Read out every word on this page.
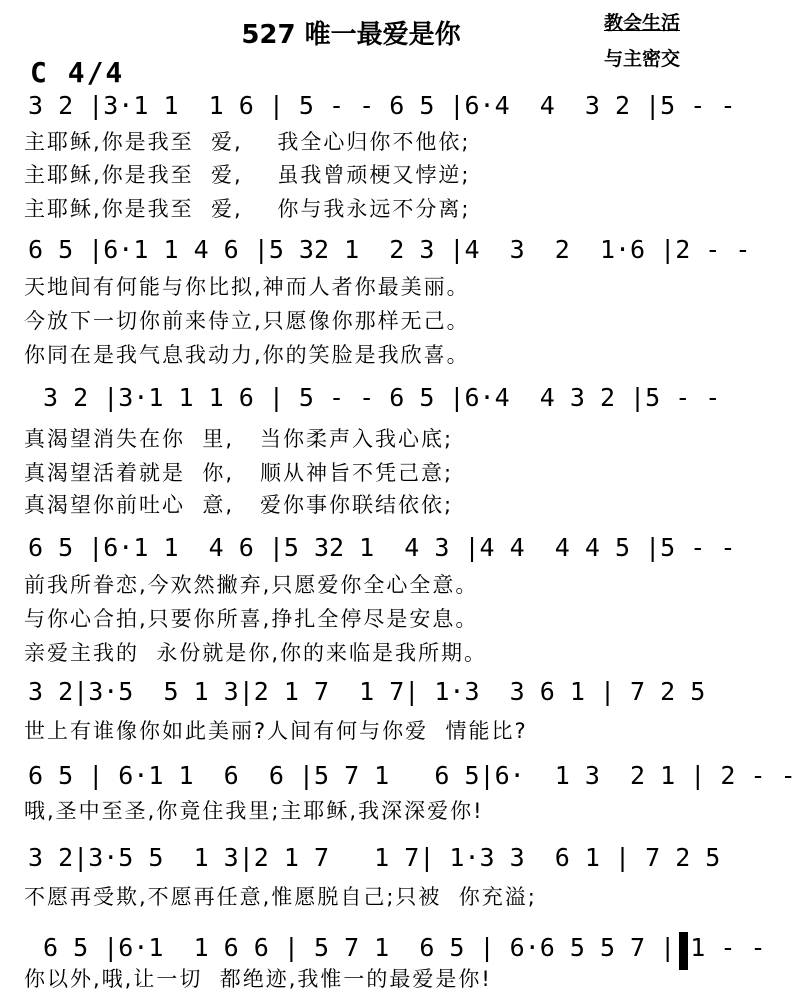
527 唯一最爱是你	教会生活
与主密交
C 4/4
3 2 |3·1 1  1 6 | 5 - - 6 5 |6·4  4  3 2 |5 - -
主耶稣,你是我至  爱,    我全心归你不他依;
主耶稣,你是我至  爱,    虽我曾顽梗又悖逆;
主耶稣,你是我至  爱,    你与我永远不分离;
6 5 |6·1 1 4 6 |5 32 1  2 3 |4  3  2  1·6 |2 - -
天地间有何能与你比拟,神而人者你最美丽。
今放下一切你前来侍立,只愿像你那样无己。
你同在是我气息我动力,你的笑脸是我欣喜。
3 2 |3·1 1 1 6 | 5 - - 6 5 |6·4  4 3 2 |5 - -
真渴望消失在你  里,   当你柔声入我心底;
真渴望活着就是  你,   顺从神旨不凭己意;
真渴望你前吐心  意,   爱你事你联结依依;
6 5 |6·1 1  4 6 |5 32 1  4 3 |4 4  4 4 5 |5 - -
前我所眷恋,今欢然撇弃,只愿爱你全心全意。
与你心合拍,只要你所喜,挣扎全停尽是安息。
亲爱主我的  永份就是你,你的来临是我所期。
3 2|3·5  5 1 3|2 1 7  1 7| 1·3  3 6 1 | 7 2 5
世上有谁像你如此美丽?人间有何与你爱  情能比?
6 5 | 6·1 1  6  6 |5 7 1   6 5|6·  1 3  2 1 | 2 - -
哦,圣中至圣,你竟住我里;主耶稣,我深深爱你!
3 2|3·5 5  1 3|2 1 7   1 7| 1·3 3  6 1 | 7 2 5
不愿再受欺,不愿再任意,惟愿脱自己;只被  你充溢;
6 5 |6·1  1 6 6 | 5 7 1  6 5 | 6·6 5 5 7 | 1 - -
你以外,哦,让一切  都绝迹,我惟一的最爱是你!
